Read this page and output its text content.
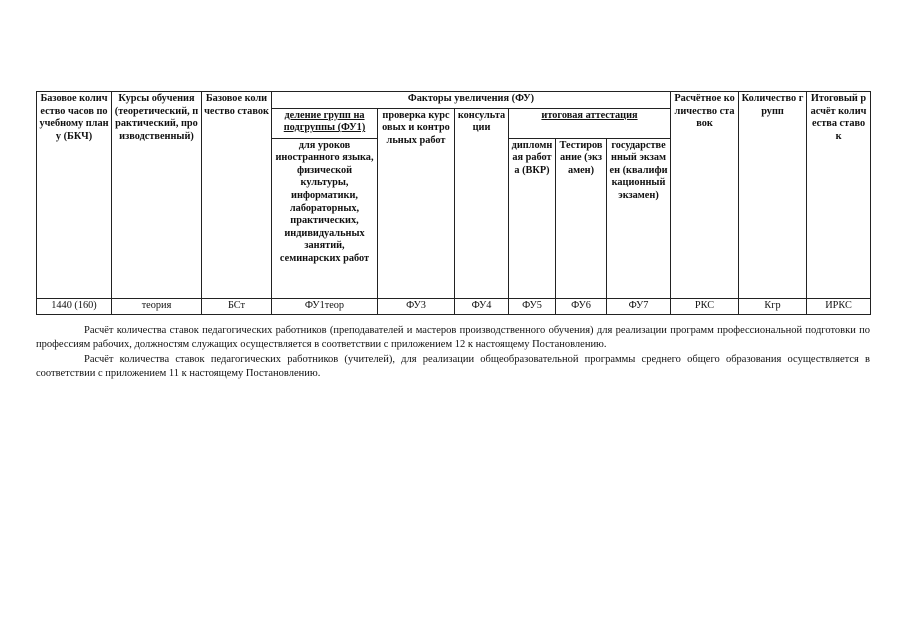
Базовое количество часов по учебному плану (БКЧ)	Курсы обучения (теоретический, практический, производственный)	Базовое количество ставок	Факторы увеличения (ФУ)						Расчётное количество ставок	Количество групп	Итоговый расчёт количества ставок
			деление групп на подгруппы (ФУ1)	проверка курсовых и контрольных работ	консультации	итоговая аттестация					
			для уроков иностранного языка, физической культуры, информатики, лабораторных, практических, индивидуальных занятий, семинарских работ			дипломная работа (ВКР)	Тестирование (экзамен)	государственный экзамен (квалификационный экзамен)			

1440 (160)	теория	БСт	ФУ1теор	ФУ3	ФУ4	ФУ5	ФУ6	ФУ7	РКС	Кгр	ИРКС

Расчёт количества ставок педагогических работников (преподавателей и мастеров производственного обучения) для реализации программ профессиональной подготовки по профессиям рабочих, должностям служащих осуществляется в соответствии с приложением 12 к настоящему Постановлению.

Расчёт количества ставок педагогических работников (учителей), для реализации общеобразовательной программы среднего общего образования осуществляется в соответствии с приложением 11 к настоящему Постановлению.
